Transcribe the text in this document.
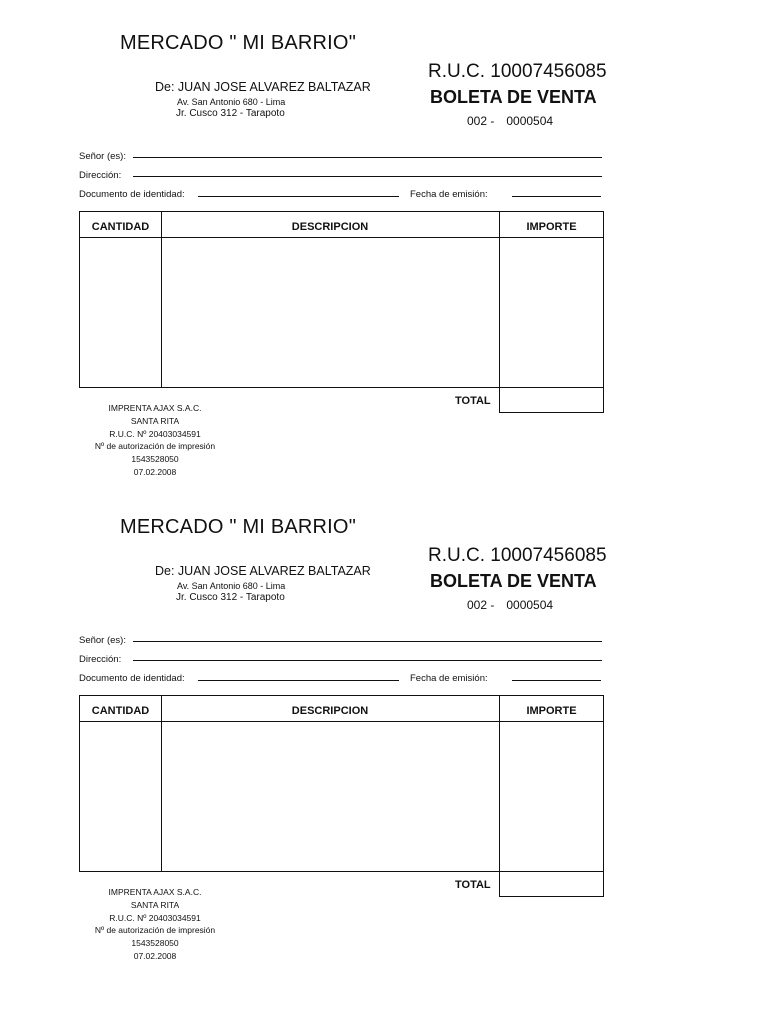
MERCADO " MI BARRIO"
De: JUAN JOSE ALVAREZ BALTAZAR
Av. San Antonio 680 - Lima
Jr. Cusco 312 - Tarapoto
R.U.C. 10007456085
BOLETA DE VENTA
002 - 0000504
Señor (es):
Dirección:
Documento de identidad:	Fecha de emisión:
CANTIDAD	DESCRIPCION	IMPORTE
TOTAL
IMPRENTA AJAX S.A.C.
SANTA RITA
R.U.C. Nº 20403034591
Nº de autorización de impresión
1543528050
07.02.2008
MERCADO " MI BARRIO"
De: JUAN JOSE ALVAREZ BALTAZAR
Av. San Antonio 680 - Lima
Jr. Cusco 312 - Tarapoto
R.U.C. 10007456085
BOLETA DE VENTA
002 - 0000504
Señor (es):
Dirección:
Documento de identidad:	Fecha de emisión:
CANTIDAD	DESCRIPCION	IMPORTE
TOTAL
IMPRENTA AJAX S.A.C.
SANTA RITA
R.U.C. Nº 20403034591
Nº de autorización de impresión
1543528050
07.02.2008
